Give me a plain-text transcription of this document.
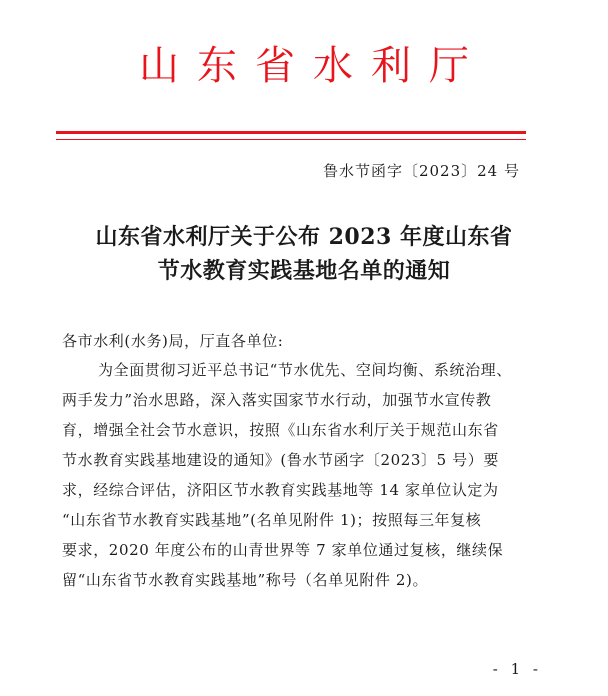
山东省水利厅
鲁水节函字〔2023〕24 号
山东省水利厅关于公布 2023 年度山东省
节水教育实践基地名单的通知
各市水利(水务)局，厅直各单位:
为全面贯彻习近平总书记“节水优先、空间均衡、系统治理、
两手发力”治水思路，深入落实国家节水行动，加强节水宣传教
育，增强全社会节水意识，按照《山东省水利厅关于规范山东省
节水教育实践基地建设的通知》(鲁水节函字〔2023〕5 号）要
求，经综合评估，济阳区节水教育实践基地等 14 家单位认定为
“山东省节水教育实践基地”(名单见附件 1)；按照每三年复核
要求，2020 年度公布的山青世界等 7 家单位通过复核，继续保
留“山东省节水教育实践基地”称号（名单见附件 2)。
- 1 -
